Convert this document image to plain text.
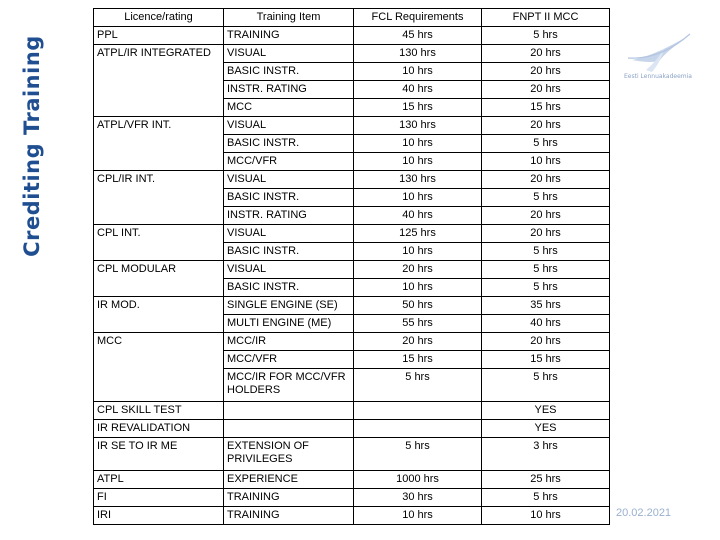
Crediting Training	Eesti Lennuakadeemia
Licence/rating	Training Item	FCL Requirements	FNPT II MCC
PPL	TRAINING	45 hrs	5 hrs
ATPL/IR INTEGRATED	VISUAL	130 hrs	20 hrs
	BASIC INSTR.	10 hrs	20 hrs
	INSTR. RATING	40 hrs	20 hrs
	MCC	15 hrs	15 hrs
ATPL/VFR INT.	VISUAL	130 hrs	20 hrs
	BASIC INSTR.	10 hrs	5 hrs
	MCC/VFR	10 hrs	10 hrs
CPL/IR INT.	VISUAL	130 hrs	20 hrs
	BASIC INSTR.	10 hrs	5 hrs
	INSTR. RATING	40 hrs	20 hrs
CPL INT.	VISUAL	125 hrs	20 hrs
	BASIC INSTR.	10 hrs	5 hrs
CPL MODULAR	VISUAL	20 hrs	5 hrs
	BASIC INSTR.	10 hrs	5 hrs
IR MOD.	SINGLE ENGINE (SE)	50 hrs	35 hrs
	MULTI ENGINE (ME)	55 hrs	40 hrs
MCC	MCC/IR	20 hrs	20 hrs
	MCC/VFR	15 hrs	15 hrs
	MCC/IR FOR MCC/VFR HOLDERS	5 hrs	5 hrs
CPL SKILL TEST			YES
IR REVALIDATION			YES
IR SE TO IR ME	EXTENSION OF PRIVILEGES	5 hrs	3 hrs
ATPL	EXPERIENCE	1000 hrs	25 hrs
FI	TRAINING	30 hrs	5 hrs
IRI	TRAINING	10 hrs	10 hrs	20.02.2021
